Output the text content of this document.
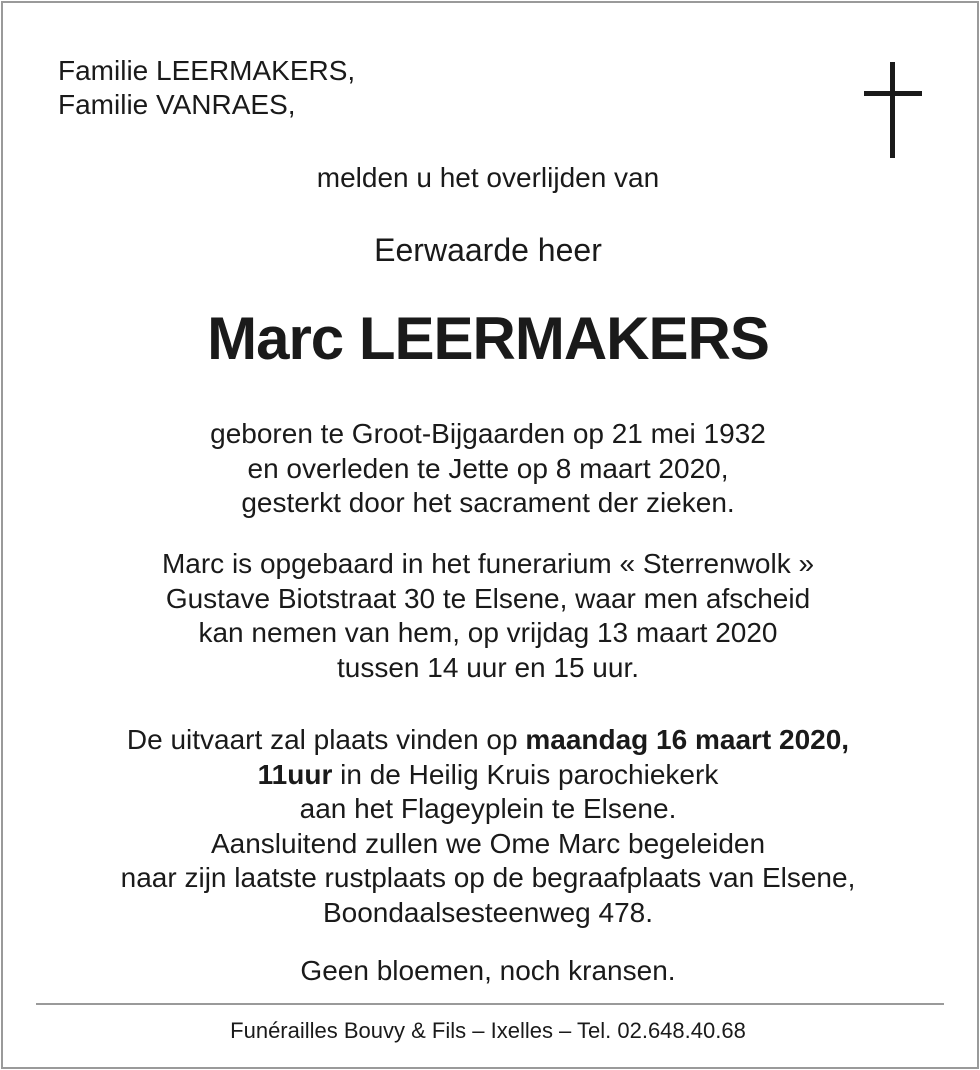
Familie LEERMAKERS,
Familie VANRAES,
melden u het overlijden van
Eerwaarde heer
Marc LEERMAKERS
geboren te Groot-Bijgaarden op 21 mei 1932
en overleden te Jette op 8 maart 2020,
gesterkt door het sacrament der zieken.
Marc is opgebaard in het funerarium « Sterrenwolk »
Gustave Biotstraat 30 te Elsene, waar men afscheid
kan nemen van hem, op vrijdag 13 maart 2020
tussen 14 uur en 15 uur.
De uitvaart zal plaats vinden op maandag 16 maart 2020,
11uur in de Heilig Kruis parochiekerk
aan het Flageyplein te Elsene.
Aansluitend zullen we Ome Marc begeleiden
naar zijn laatste rustplaats op de begraafplaats van Elsene,
Boondaalsesteenweg 478.
Geen bloemen, noch kransen.
Funérailles Bouvy & Fils – Ixelles – Tel. 02.648.40.68
